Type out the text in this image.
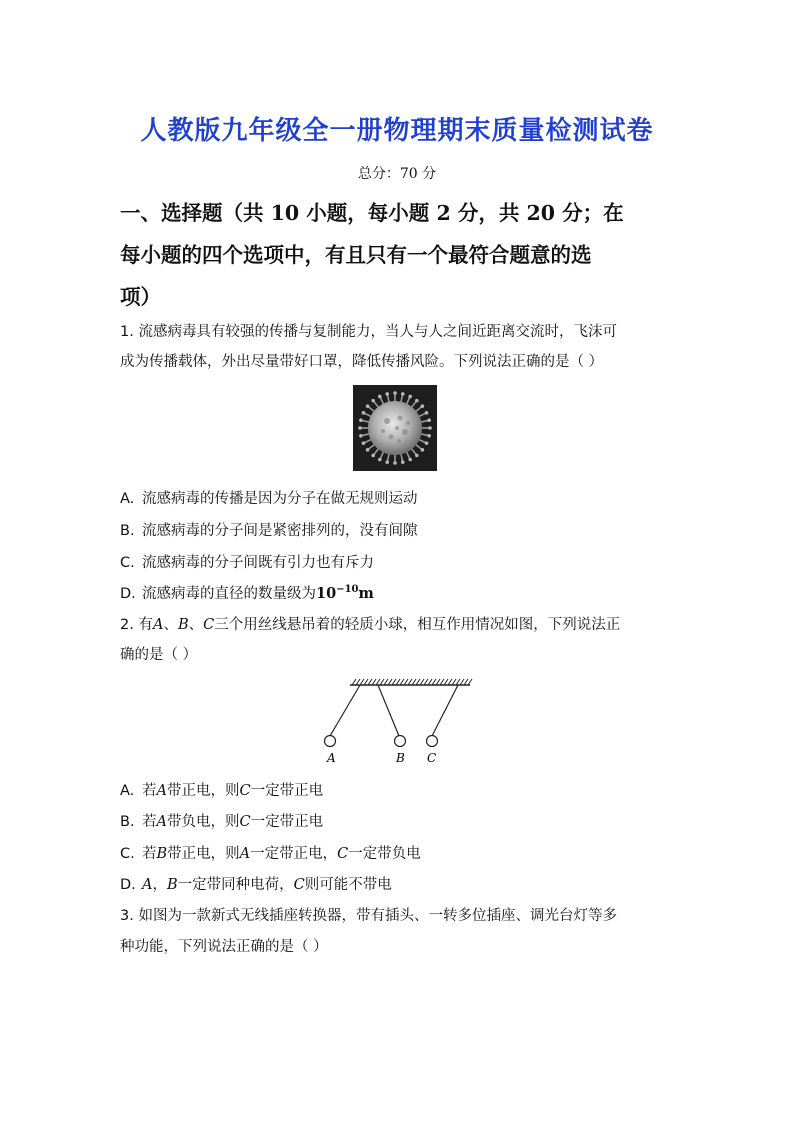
人教版九年级全一册物理期末质量检测试卷
总分：70 分
一、选择题（共 10 小题，每小题 2 分，共 20 分；在
每小题的四个选项中，有且只有一个最符合题意的选
项）
1. 流感病毒具有较强的传播与复制能力，当人与人之间近距离交流时，飞沫可
成为传播载体，外出尽量带好口罩，降低传播风险。下列说法正确的是（ ）
A. 流感病毒的传播是因为分子在做无规则运动
B. 流感病毒的分子间是紧密排列的，没有间隙
C. 流感病毒的分子间既有引力也有斥力
D. 流感病毒的直径的数量级为$10^{-10}m$
2. 有A、B、C三个用丝线悬吊着的轻质小球，相互作用情况如图，下列说法正
确的是（ ）
A	B C
A. 若A带正电，则C一定带正电
B. 若A带负电，则C一定带正电
C. 若B带正电，则A一定带正电，C一定带负电
D. A，B一定带同种电荷，C则可能不带电
3. 如图为一款新式无线插座转换器，带有插头、一转多位插座、调光台灯等多
种功能，下列说法正确的是（ ）
